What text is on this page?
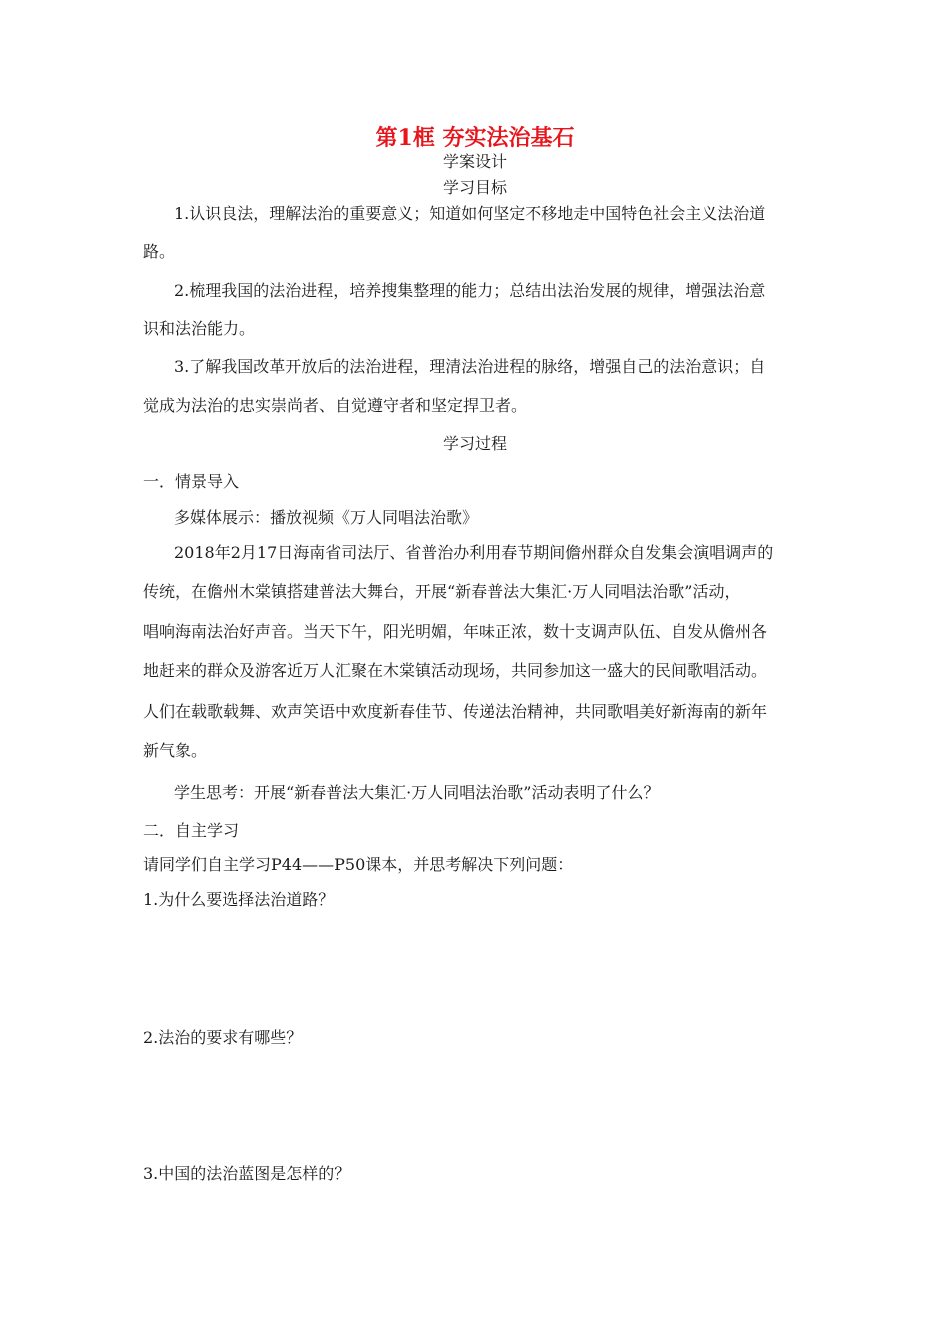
第1框 夯实法治基石
学案设计
学习目标
1.认识良法，理解法治的重要意义；知道如何坚定不移地走中国特色社会主义法治道
路。
2.梳理我国的法治进程，培养搜集整理的能力；总结出法治发展的规律，增强法治意
识和法治能力。
3.了解我国改革开放后的法治进程，理清法治进程的脉络，增强自己的法治意识；自
觉成为法治的忠实崇尚者、自觉遵守者和坚定捍卫者。
学习过程
一．情景导入
多媒体展示：播放视频《万人同唱法治歌》
2018年2月17日海南省司法厅、省普治办利用春节期间儋州群众自发集会演唱调声的
传统，在儋州木棠镇搭建普法大舞台，开展“新春普法大集汇·万人同唱法治歌”活动，
唱响海南法治好声音。当天下午，阳光明媚，年味正浓，数十支调声队伍、自发从儋州各
地赶来的群众及游客近万人汇聚在木棠镇活动现场，共同参加这一盛大的民间歌唱活动。
人们在载歌载舞、欢声笑语中欢度新春佳节、传递法治精神，共同歌唱美好新海南的新年
新气象。
学生思考：开展“新春普法大集汇·万人同唱法治歌”活动表明了什么？
二．自主学习
请同学们自主学习P44——P50课本，并思考解决下列问题：
1.为什么要选择法治道路？
2.法治的要求有哪些？
3.中国的法治蓝图是怎样的？
